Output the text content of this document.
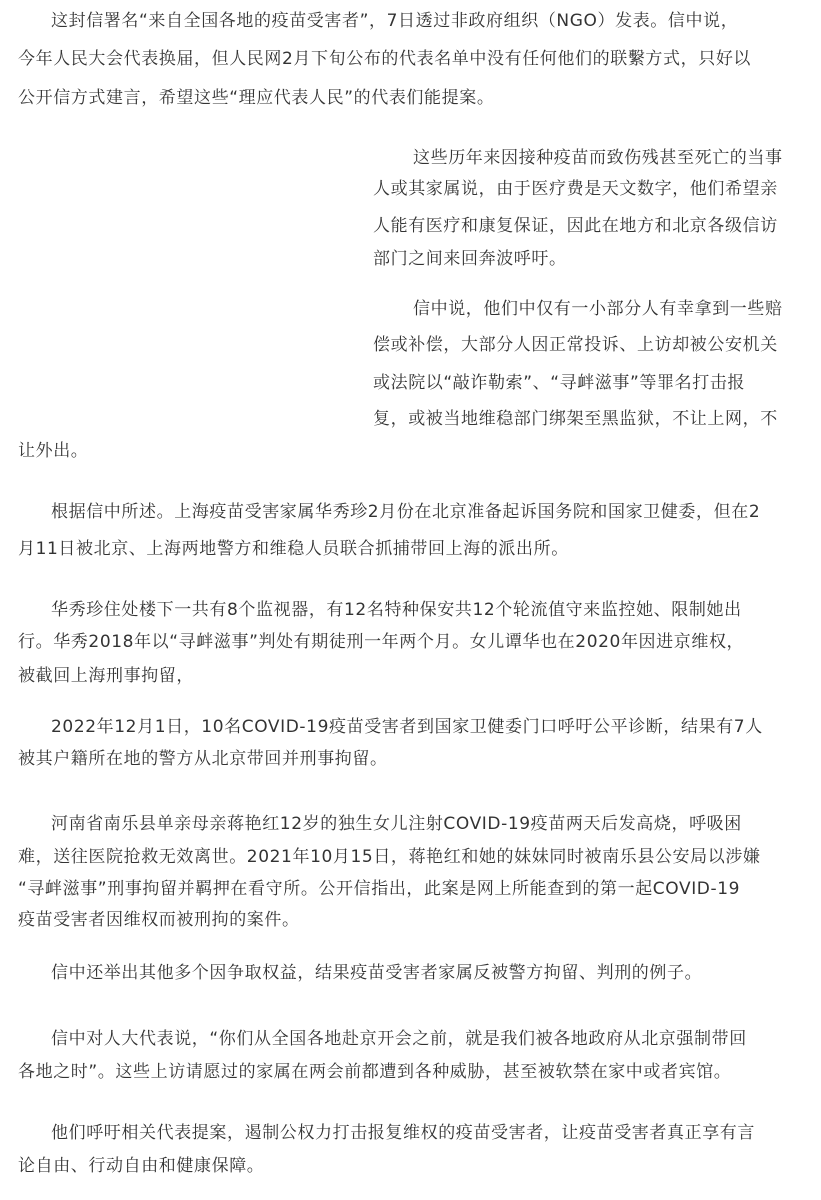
这封信署名“来自全国各地的疫苗受害者”，7日透过非政府组织（NGO）发表。信中说，
今年人民大会代表换届，但人民网2月下旬公布的代表名单中没有任何他们的联繫方式，只好以
公开信方式建言，希望这些“理应代表人民”的代表们能提案。
这些历年来因接种疫苗而致伤残甚至死亡的当事
人或其家属说，由于医疗费是天文数字，他们希望亲
人能有医疗和康复保证，因此在地方和北京各级信访
部门之间来回奔波呼吁。
信中说，他们中仅有一小部分人有幸拿到一些赔
偿或补偿，大部分人因正常投诉、上访却被公安机关
或法院以“敲诈勒索”、“寻衅滋事”等罪名打击报
复，或被当地维稳部门绑架至黑监狱，不让上网，不
让外出。
根据信中所述。上海疫苗受害家属华秀珍2月份在北京准备起诉国务院和国家卫健委，但在2
月11日被北京、上海两地警方和维稳人员联合抓捕带回上海的派出所。
华秀珍住处楼下一共有8个监视器，有12名特种保安共12个轮流值守来监控她、限制她出
行。华秀2018年以“寻衅滋事”判处有期徒刑一年两个月。女儿谭华也在2020年因进京维权，
被截回上海刑事拘留，
2022年12月1日，10名COVID-19疫苗受害者到国家卫健委门口呼吁公平诊断，结果有7人
被其户籍所在地的警方从北京带回并刑事拘留。
河南省南乐县单亲母亲蒋艳红12岁的独生女儿注射COVID-19疫苗两天后发高烧，呼吸困
难，送往医院抢救无效离世。2021年10月15日，蒋艳红和她的妹妹同时被南乐县公安局以涉嫌
“寻衅滋事”刑事拘留并羁押在看守所。公开信指出，此案是网上所能查到的第一起COVID-19
疫苗受害者因维权而被刑拘的案件。
信中还举出其他多个因争取权益，结果疫苗受害者家属反被警方拘留、判刑的例子。
信中对人大代表说，“你们从全国各地赴京开会之前，就是我们被各地政府从北京强制带回
各地之时”。这些上访请愿过的家属在两会前都遭到各种威胁，甚至被软禁在家中或者宾馆。
他们呼吁相关代表提案，遏制公权力打击报复维权的疫苗受害者，让疫苗受害者真正享有言
论自由、行动自由和健康保障。
